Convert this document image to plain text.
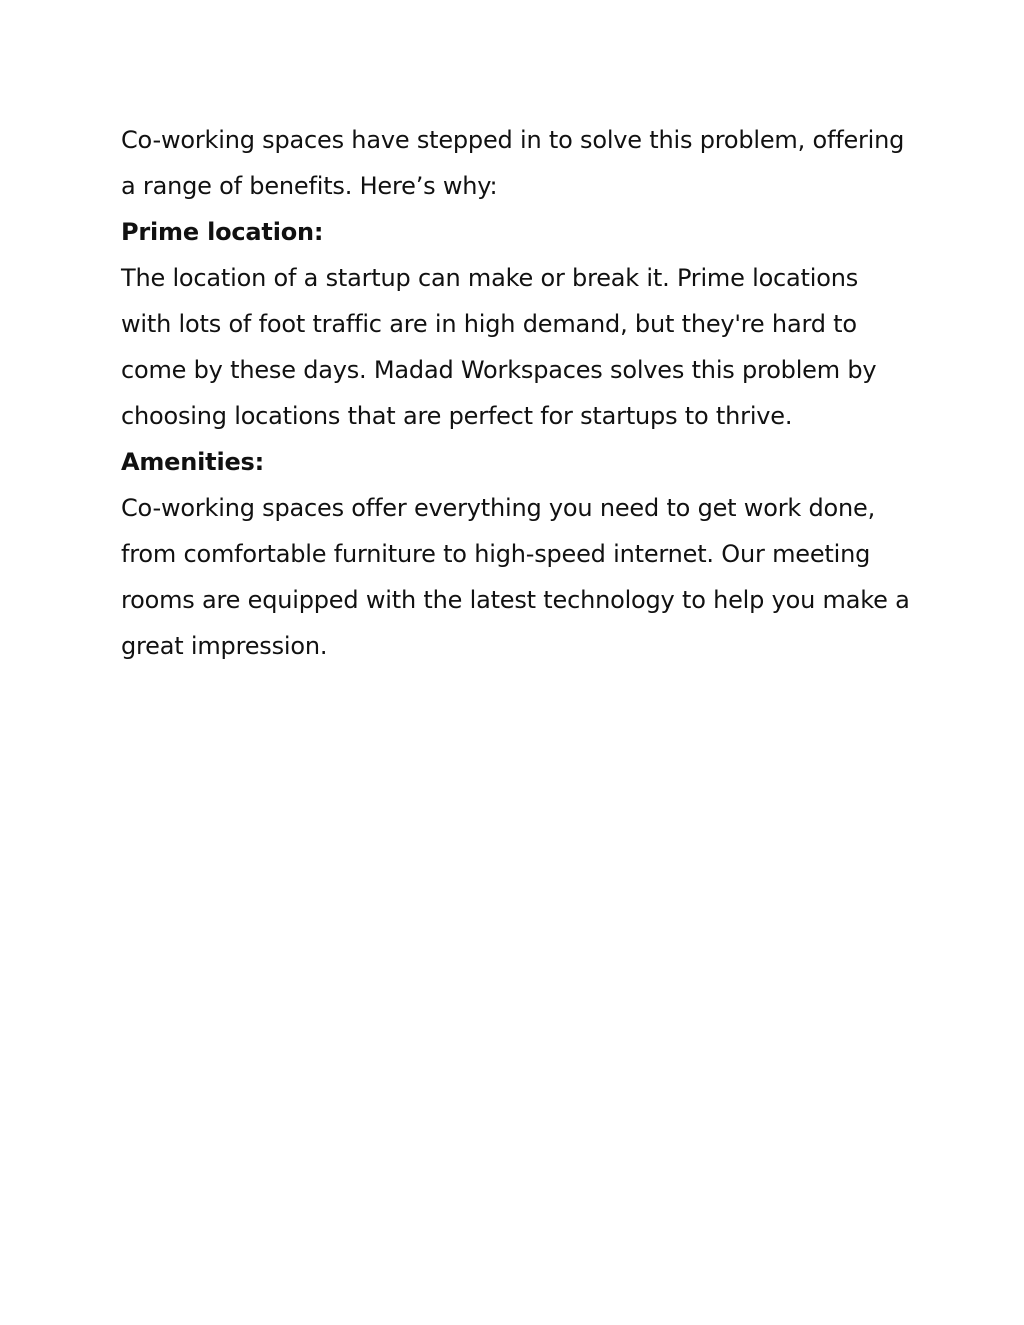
Co-working spaces have stepped in to solve this problem, offering a range of benefits. Here’s why:

Prime location:

The location of a startup can make or break it. Prime locations with lots of foot traffic are in high demand, but they're hard to come by these days. Madad Workspaces solves this problem by choosing locations that are perfect for startups to thrive.

Amenities:

Co-working spaces offer everything you need to get work done, from comfortable furniture to high-speed internet. Our meeting rooms are equipped with the latest technology to help you make a great impression.
